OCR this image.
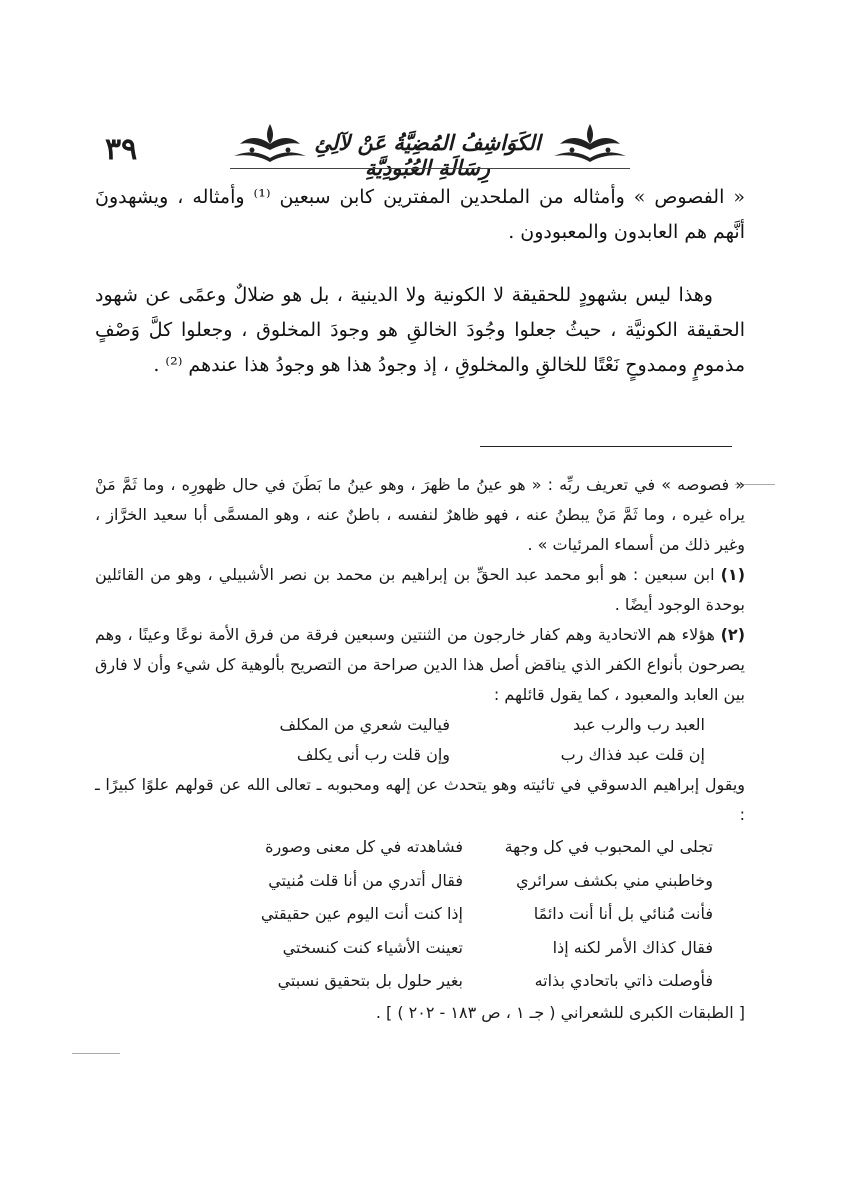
٣٩	الكَوَاشِفُ المُضِيَّةُ عَنْ لآلِئِ رِسَالَةِ العُبُودِيَّةِ

« الفصوص » وأمثاله من الملحدين المفترين كابن سبعين ⁽¹⁾ وأمثاله ، ويشهدونَ أنَّهم هم العابدون والمعبودون .

وهذا ليس بشهودٍ للحقيقة لا الكونية ولا الدينية ، بل هو ضلالٌ وعمًى عن شهود الحقيقة الكونيَّة ، حيثُ جعلوا وجُودَ الخالقِ هو وجودَ المخلوق ، وجعلوا كلَّ وَصْفٍ مذمومٍ وممدوحٍ نَعْتًا للخالقِ والمخلوقِ ، إذ وجودُ هذا هو وجودُ هذا عندهم ⁽²⁾ .

« فصوصه » في تعريف ربِّه : « هو عينُ ما ظهرَ ، وهو عينُ ما بَطَنَ في حال ظهورِه ، وما ثَمَّ مَنْ يراه غيره ، وما ثَمَّ مَنْ يبطنُ عنه ، فهو ظاهرٌ لنفسه ، باطنٌ عنه ، وهو المسمَّى أبا سعيد الخرَّاز ، وغير ذلك من أسماء المرئيات » .

(١) ابن سبعين : هو أبو محمد عبد الحقِّ بن إبراهيم بن محمد بن نصر الأشبيلي ، وهو من القائلين بوحدة الوجود أيضًا .

(٢) هؤلاء هم الاتحادية وهم كفار خارجون من الثنتين وسبعين فرقة من فرق الأمة نوعًا وعينًا ، وهم يصرحون بأنواع الكفر الذي يناقض أصل هذا الدين صراحة من التصريح بألوهية كل شيء وأن لا فارق بين العابد والمعبود ، كما يقول قائلهم :

العبد رب والرب عبد
فياليت شعري من المكلف
إن قلت عبد فذاك رب
وإن قلت رب أنى يكلف

ويقول إبراهيم الدسوقي في تائيته وهو يتحدث عن إلهه ومحبوبه ـ تعالى الله عن قولهم علوًا كبيرًا ـ :

تجلى لي المحبوب في كل وجهة
فشاهدته في كل معنى وصورة
وخاطبني مني بكشف سرائري
فقال أتدري من أنا قلت مُنيتي
فأنت مُنائي بل أنا أنت دائمًا
إذا كنت أنت اليوم عين حقيقتي
فقال كذاك الأمر لكنه إذا
تعينت الأشياء كنت كنسختي
فأوصلت ذاتي باتحادي بذاته
بغير حلول بل بتحقيق نسبتي

[ الطبقات الكبرى للشعراني ( جـ ١ ، ص ١٨٣ - ٢٠٢ ) ] .
